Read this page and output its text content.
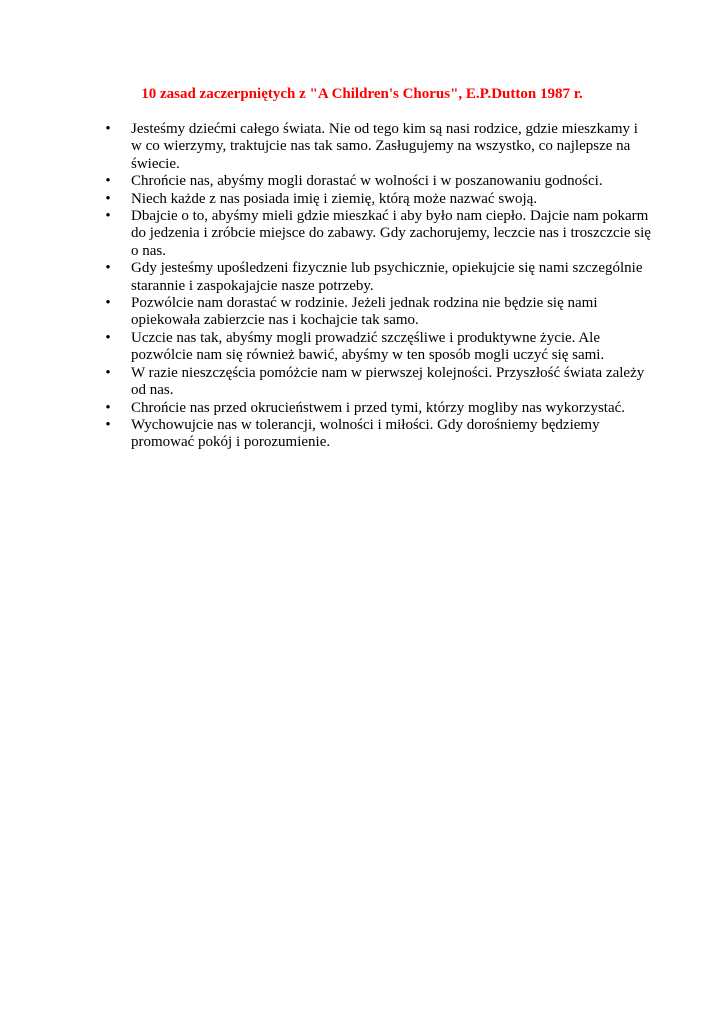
10 zasad zaczerpniętych z "A Children's Chorus", E.P.Dutton 1987 r.
• Jesteśmy dziećmi całego świata. Nie od tego kim są nasi rodzice, gdzie mieszkamy i w co wierzymy, traktujcie nas tak samo. Zasługujemy na wszystko, co najlepsze na świecie.
• Chrońcie nas, abyśmy mogli dorastać w wolności i w poszanowaniu godności.
• Niech każde z nas posiada imię i ziemię, którą może nazwać swoją.
• Dbajcie o to, abyśmy mieli gdzie mieszkać i aby było nam ciepło. Dajcie nam pokarm do jedzenia i zróbcie miejsce do zabawy. Gdy zachorujemy, leczcie nas i troszczcie się o nas.
• Gdy jesteśmy upośledzeni fizycznie lub psychicznie, opiekujcie się nami szczególnie starannie i zaspokajajcie nasze potrzeby.
• Pozwólcie nam dorastać w rodzinie. Jeżeli jednak rodzina nie będzie się nami opiekowała zabierzcie nas i kochajcie tak samo.
• Uczcie nas tak, abyśmy mogli prowadzić szczęśliwe i produktywne życie. Ale pozwólcie nam się również bawić, abyśmy w ten sposób mogli uczyć się sami.
• W razie nieszczęścia pomóżcie nam w pierwszej kolejności. Przyszłość świata zależy od nas.
• Chrońcie nas przed okrucieństwem i przed tymi, którzy mogliby nas wykorzystać.
• Wychowujcie nas w tolerancji, wolności i miłości. Gdy dorośniemy będziemy promować pokój i porozumienie.
